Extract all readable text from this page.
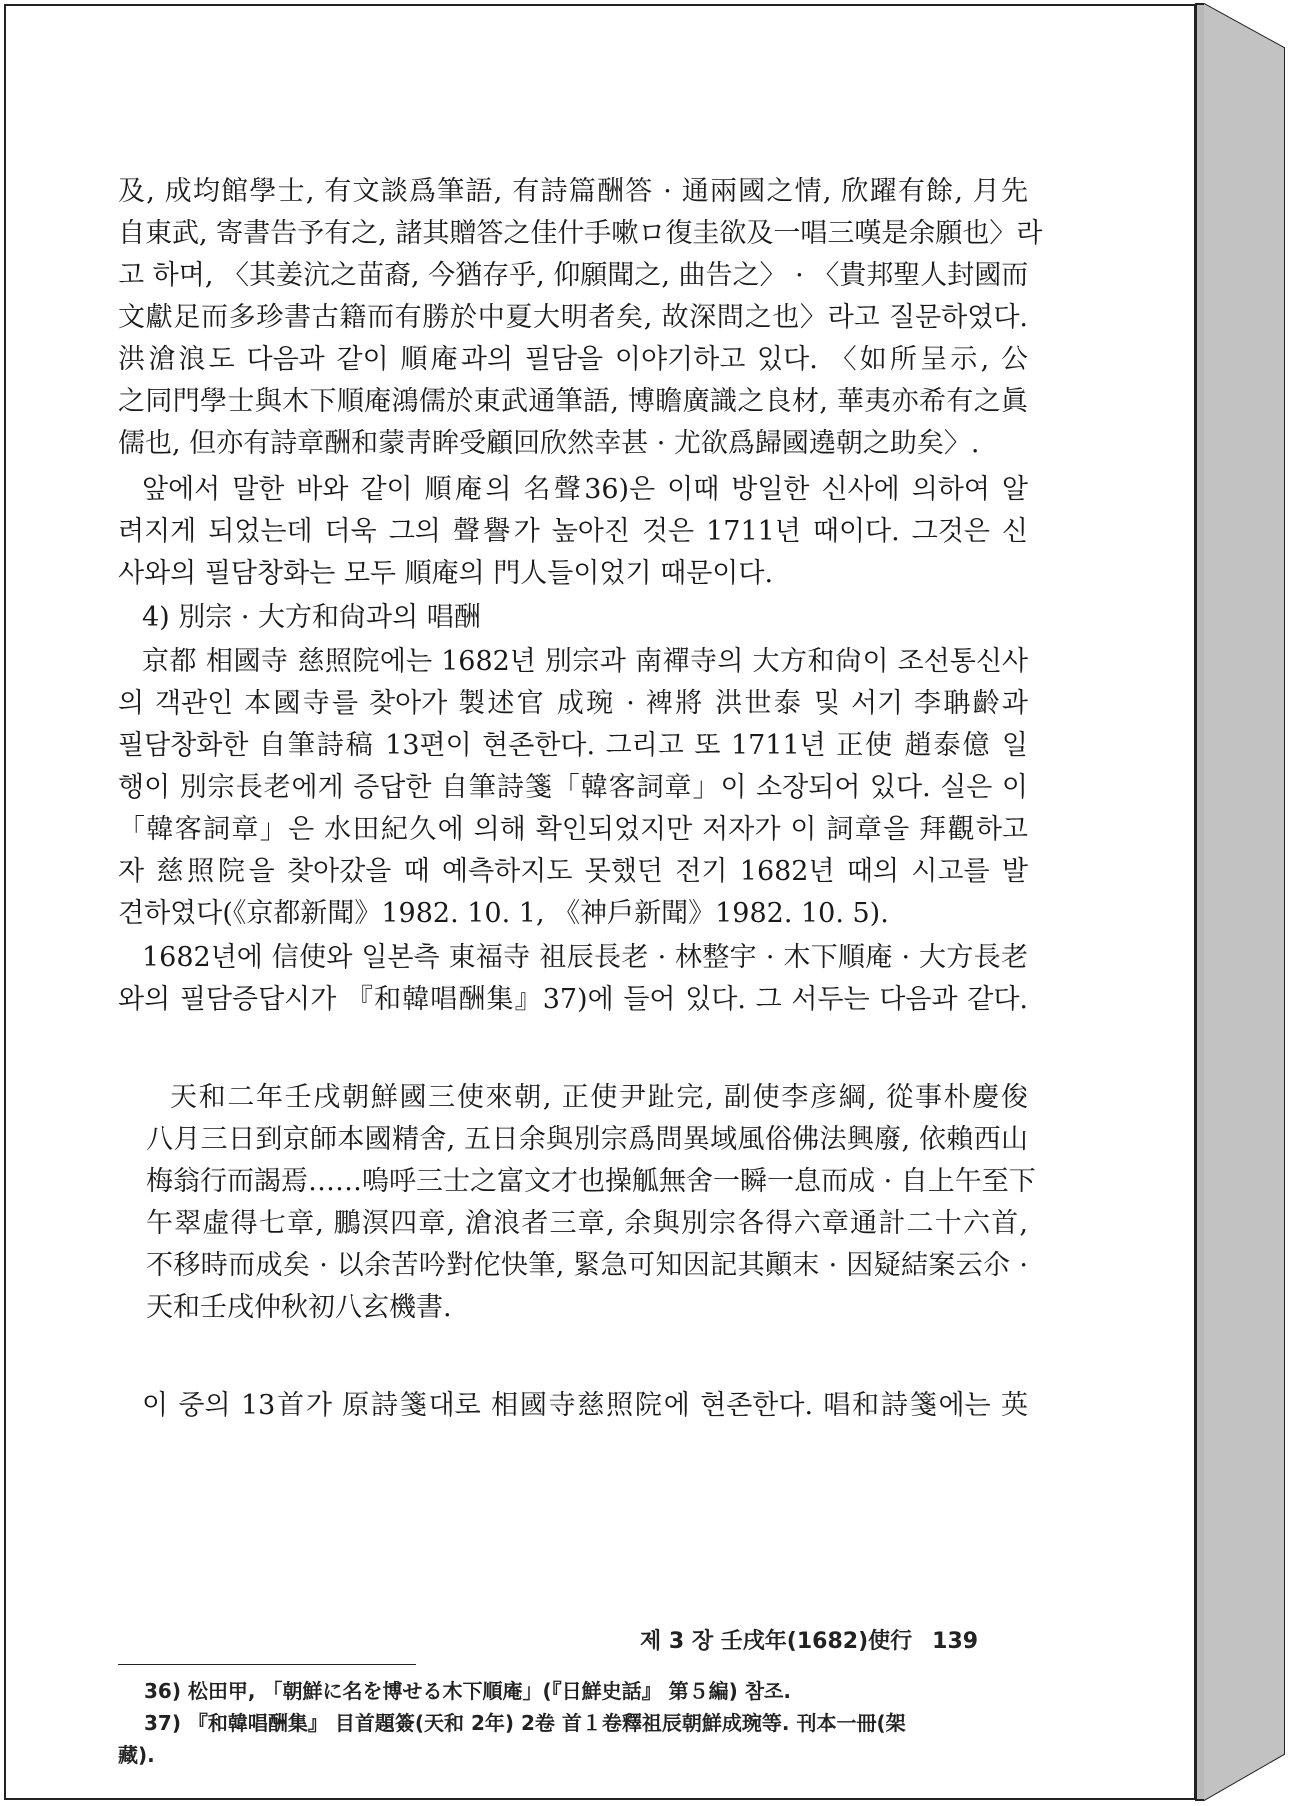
及, 成均館學士, 有文談爲筆語, 有詩篇酬答 · 通兩國之情, 欣躍有餘, 月先
自東武, 寄書告予有之, 諸其贈答之佳什手嗽ロ復圭欲及一唱三嘆是余願也〉라
고 하며, 〈其姜沆之苗裔, 今猶存乎, 仰願聞之, 曲告之〉 · 〈貴邦聖人封國而
文獻足而多珍書古籍而有勝於中夏大明者矣, 故深問之也〉라고 질문하였다.
洪滄浪도 다음과 같이 順庵과의 필담을 이야기하고 있다. 〈如所呈示, 公
之同門學士與木下順庵鴻儒於東武通筆語, 博瞻廣識之良材, 華夷亦希有之眞
儒也, 但亦有詩章酬和蒙靑眸受顧回欣然幸甚 · 尤欲爲歸國遶朝之助矣〉.
앞에서 말한 바와 같이 順庵의 名聲36)은 이때 방일한 신사에 의하여 알
려지게 되었는데 더욱 그의 聲譽가 높아진 것은 1711년 때이다. 그것은 신
사와의 필담창화는 모두 順庵의 門人들이었기 때문이다.
4) 別宗 · 大方和尙과의 唱酬
京都 相國寺 慈照院에는 1682년 別宗과 南禪寺의 大方和尙이 조선통신사
의 객관인 本國寺를 찾아가 製述官 成琬 · 裨將 洪世泰 및 서기 李聃齡과
필담창화한 自筆詩稿 13편이 현존한다. 그리고 또 1711년 正使 趙泰億 일
행이 別宗長老에게 증답한 自筆詩箋「韓客詞章」이 소장되어 있다. 실은 이
「韓客詞章」은 水田紀久에 의해 확인되었지만 저자가 이 詞章을 拜觀하고
자 慈照院을 찾아갔을 때 예측하지도 못했던 전기 1682년 때의 시고를 발
견하였다(《京都新聞》1982. 10. 1, 《神戶新聞》1982. 10. 5).
1682년에 信使와 일본측 東福寺 祖辰長老 · 林整宇 · 木下順庵 · 大方長老
와의 필담증답시가 『和韓唱酬集』37)에 들어 있다. 그 서두는 다음과 같다.
天和二年壬戌朝鮮國三使來朝, 正使尹趾完, 副使李彦綱, 從事朴慶俊
八月三日到京師本國精舍, 五日余與別宗爲問異域風俗佛法興廢, 依賴西山
梅翁行而謁焉……嗚呼三士之富文才也操觚無舍一瞬一息而成 · 自上午至下
午翠虛得七章, 鵬溟四章, 滄浪者三章, 余與別宗各得六章通計二十六首,
不移時而成矣 · 以余苦吟對佗快筆, 緊急可知因記其顚末 · 因疑結案云尒 ·
天和壬戌仲秋初八玄機書.
이 중의 13首가 原詩箋대로 相國寺慈照院에 현존한다. 唱和詩箋에는 英
36) 松田甲, 「朝鮮に名を博せる木下順庵」(『日鮮史話』 第５編) 참조.
37) 『和韓唱酬集』 目首題簽(天和 2年) 2卷 首１卷釋祖辰朝鮮成琬等. 刊本一冊(架
藏).
제 3 장 壬戌年(1682)使行 139
